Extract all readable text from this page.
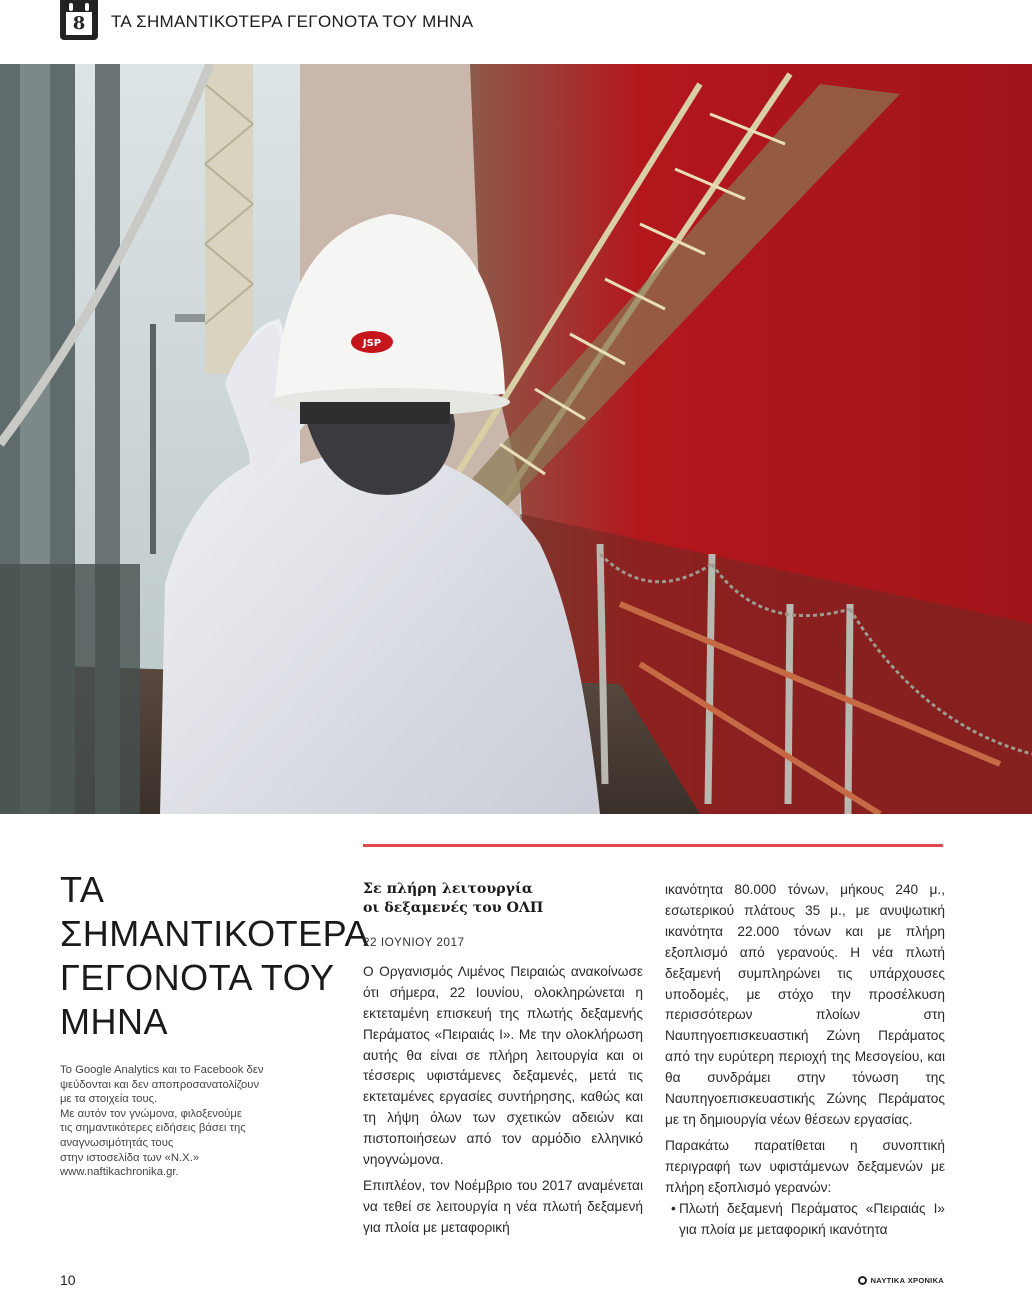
8	ΤΑ ΣΗΜΑΝΤΙΚΟΤΕΡΑ ΓΕΓΟΝΟΤΑ ΤΟΥ ΜΗΝΑ
JSP
ΤΑ ΣΗΜΑΝΤΙΚΟΤΕΡΑ ΓΕΓΟΝΟΤΑ ΤΟΥ ΜΗΝΑ

Το Google Analytics και το Facebook δεν

ψεύδονται και δεν αποπροσανατολίζουν

με τα στοιχεία τους.

Με αυτόν τον γνώμονα, φιλοξενούμε

τις σημαντικότερες ειδήσεις βάσει της

αναγνωσιμότητάς τους

στην ιστοσελίδα των «Ν.Χ.»

www.naftikachronika.gr.

Σε πλήρη λειτουργία
οι δεξαμενές του ΟΛΠ
22 ΙΟΥΝΙΟΥ 2017

Ο Οργανισμός Λιμένος Πειραιώς ανακοίνωσε ότι σήμερα, 22 Ιουνίου, ολοκληρώνεται η εκτεταμένη επισκευή της πλωτής δεξαμενής Περάματος «Πειραιάς Ι». Με την ολοκλήρωση αυτής θα είναι σε πλήρη λειτουργία και οι τέσσερις υφιστάμενες δεξαμενές, μετά τις εκτεταμένες εργασίες συντήρησης, καθώς και τη λήψη όλων των σχετικών αδειών και πιστοποιήσεων από τον αρμόδιο ελληνικό νηογνώμονα.

Επιπλέον, τον Νοέμβριο του 2017 αναμένεται να τεθεί σε λειτουργία η νέα πλωτή δεξαμενή για πλοία με μεταφορική

ικανότητα 80.000 τόνων, μήκους 240 μ., εσωτερικού πλάτους 35 μ., με ανυψωτική ικανότητα 22.000 τόνων και με πλήρη εξοπλισμό από γερανούς. Η νέα πλωτή δεξαμενή συμπληρώνει τις υπάρχουσες υποδομές, με στόχο την προσέλκυση περισσότερων πλοίων στη Ναυπηγοεπισκευαστική Ζώνη Περάματος από την ευρύτερη περιοχή της Μεσογείου, και θα συνδράμει στην τόνωση της Ναυπηγοεπισκευαστικής Ζώνης Περάματος με τη δημιουργία νέων θέσεων εργασίας.

Παρακάτω παρατίθεται η συνοπτική περιγραφή των υφιστάμενων δεξαμενών με πλήρη εξοπλισμό γερανών:

• Πλωτή δεξαμενή Περάματος «Πειραιάς Ι» για πλοία με μεταφορική ικανότητα
10	ΝΑΥΤΙΚΑ ΧΡΟΝΙΚΑ
